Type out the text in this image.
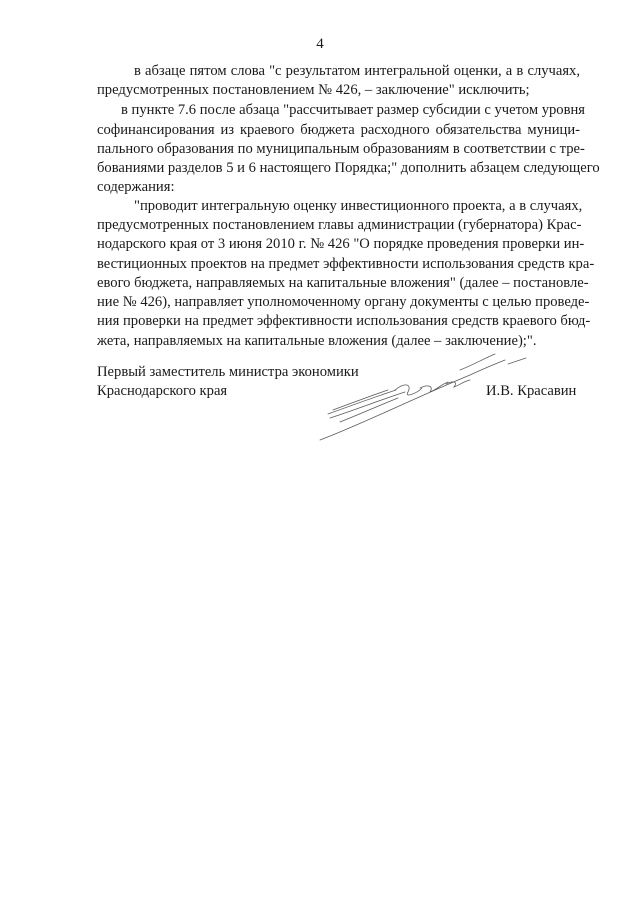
4
в абзаце пятом слова "с результатом интегральной оценки, а в случаях,
предусмотренных постановлением № 426, – заключение" исключить;
в пункте 7.6 после абзаца "рассчитывает размер субсидии с учетом уровня
софинансирования из краевого бюджета расходного обязательства муници-
пального образования по муниципальным образованиям в соответствии с тре-
бованиями разделов 5 и 6 настоящего Порядка;" дополнить абзацем следующего
содержания:
"проводит интегральную оценку инвестиционного проекта, а в случаях,
предусмотренных постановлением главы администрации (губернатора) Крас-
нодарского края от 3 июня 2010 г. № 426 "О порядке проведения проверки ин-
вестиционных проектов на предмет эффективности использования средств кра-
евого бюджета, направляемых на капитальные вложения" (далее – постановле-
ние № 426), направляет уполномоченному органу документы с целью проведе-
ния проверки на предмет эффективности использования средств краевого бюд-
жета, направляемых на капитальные вложения (далее – заключение);".
Первый заместитель министра экономики
Краснодарского края	И.В. Красавин
